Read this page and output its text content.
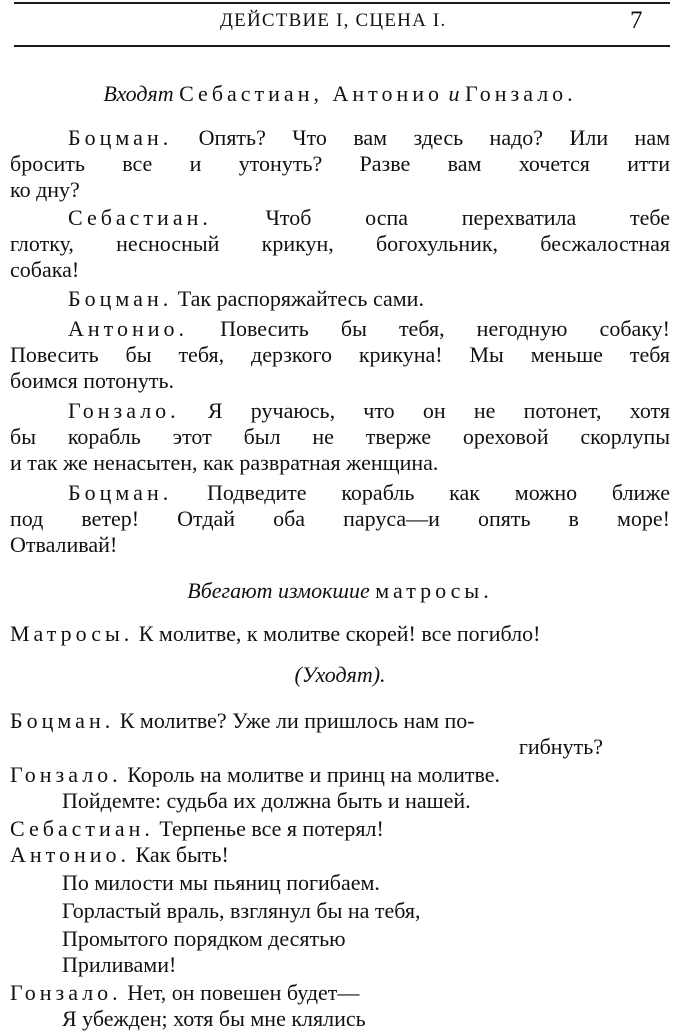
ДЕЙСТВИЕ I, СЦЕНА I.	7
Входят Себастиан, Антонио и Гонзало.
Боцман. Опять? Что вам здесь надо? Или нам
бросить все и утонуть? Разве вам хочется итти
ко дну?
Себастиан. Чтоб оспа перехватила тебе
глотку, несносный крикун, богохульник, бесжалостная
собака!
Боцман. Так распоряжайтесь сами.
Антонио. Повесить бы тебя, негодную собаку!
Повесить бы тебя, дерзкого крикуна! Мы меньше тебя
боимся потонуть.
Гонзало. Я ручаюсь, что он не потонет, хотя
бы корабль этот был не тверже ореховой скорлупы
и так же ненасытен, как развратная женщина.
Боцман. Подведите корабль как можно ближе
под ветер! Отдай оба паруса—и опять в море!
Отваливай!
Вбегают измокшие матросы.
Матросы. К молитве, к молитве скорей! все погибло!
(Уходят).
Боцман. К молитве? Уже ли пришлось нам по-
гибнуть?
Гонзало. Король на молитве и принц на молитве.
Пойдемте: судьба их должна быть и нашей.
Себастиан. Терпенье все я потерял!
Антонио. Как быть!
По милости мы пьяниц погибаем.
Горластый враль, взглянул бы на тебя,
Промытого порядком десятью
Приливами!
Гонзало. Нет, он повешен будет—
Я убежден; хотя бы мне клялись
